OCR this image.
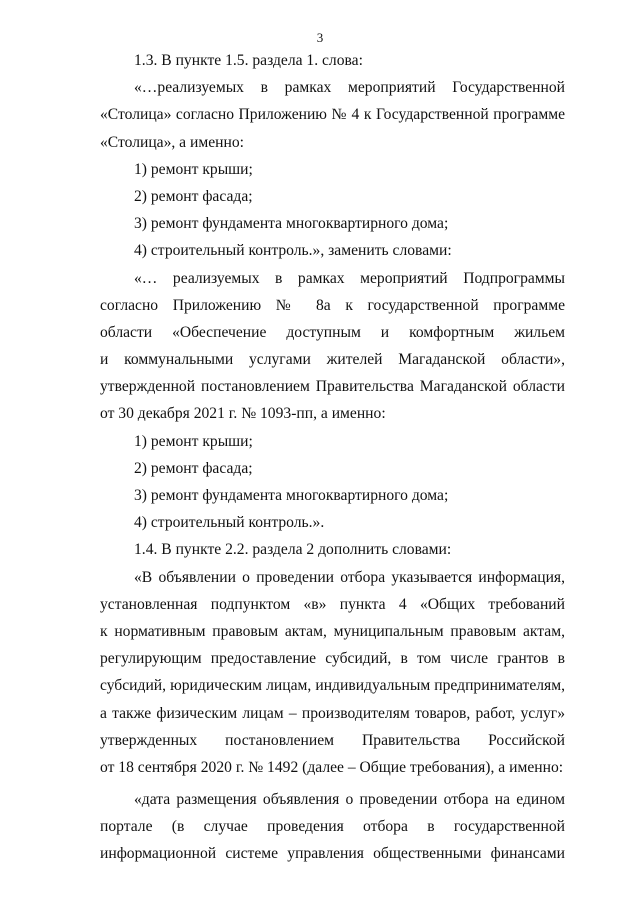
3
1.3. В пункте 1.5. раздела 1. слова:
«…реализуемых в рамках мероприятий Государственной
«Столица» согласно Приложению № 4 к Государственной программе
«Столица», а именно:
1) ремонт крыши;
2) ремонт фасада;
3) ремонт фундамента многоквартирного дома;
4) строительный контроль.», заменить словами:
«… реализуемых в рамках мероприятий Подпрограммы
согласно Приложению № 8а к государственной программе
области «Обеспечение доступным и комфортным жильем
и коммунальными услугами жителей Магаданской области»,
утвержденной постановлением Правительства Магаданской области
от 30 декабря 2021 г. № 1093-пп, а именно:
1) ремонт крыши;
2) ремонт фасада;
3) ремонт фундамента многоквартирного дома;
4) строительный контроль.».
1.4. В пункте 2.2. раздела 2 дополнить словами:
«В объявлении о проведении отбора указывается информация,
установленная подпунктом «в» пункта 4 «Общих требований
к нормативным правовым актам, муниципальным правовым актам,
регулирующим предоставление субсидий, в том числе грантов в
субсидий, юридическим лицам, индивидуальным предпринимателям,
а также физическим лицам – производителям товаров, работ, услуг»
утвержденных постановлением Правительства Российской
от 18 сентября 2020 г. № 1492 (далее – Общие требования), а именно:
«дата размещения объявления о проведении отбора на едином
портале (в случае проведения отбора в государственной
информационной системе управления общественными финансами
